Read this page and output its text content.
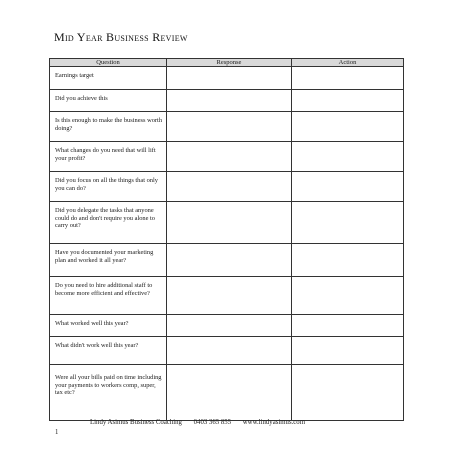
Mid Year Business Review
Question	Response	Action
Earnings target		
Did you achieve this		
Is this enough to make the business worth doing?		
What changes do you need that will lift your profit?		
Did you focus on all the things that only you can do?		
Did you delegate the tasks that anyone could do and don't require you alone to carry out?		
Have you documented your marketing plan and worked it all year?		
Do you need to hire additional staff to become more efficient and effective?		
What worked well this year?		
What didn't work well this year?		
Were all your bills paid on time including your payments to workers comp, super, tax etc?		
Lindy Asimus Business Coaching 0403 365 855 www.lindyasimus.com
1
